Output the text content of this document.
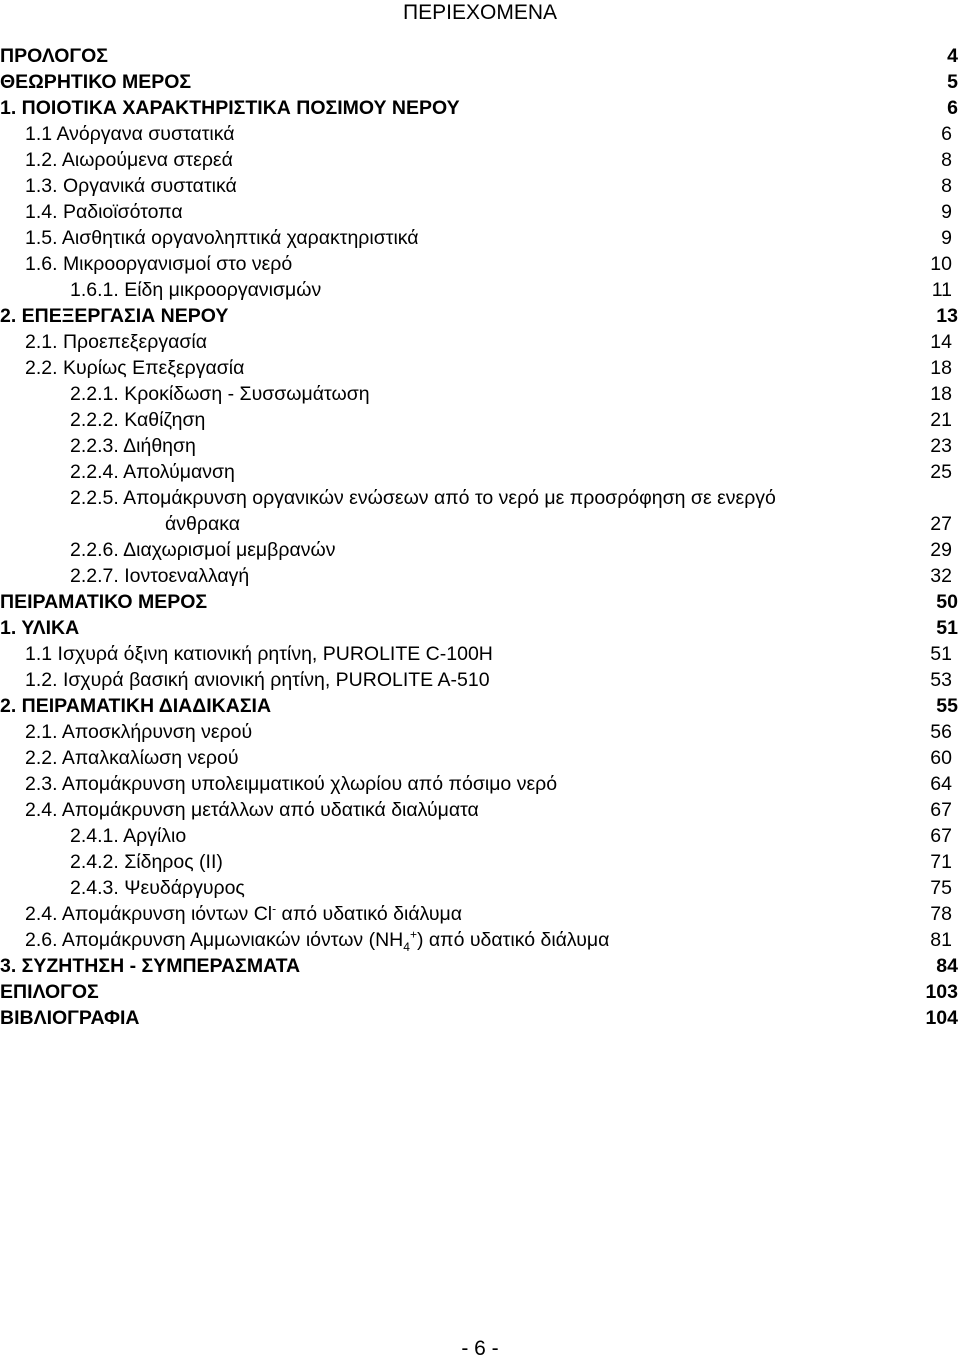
ΠΕΡΙΕΧΟΜΕΝΑ
ΠΡΟΛΟΓΟΣ	4
ΘΕΩΡΗΤΙΚΟ ΜΕΡΟΣ	5
1. ΠΟΙΟΤΙΚΑ ΧΑΡΑΚΤΗΡΙΣΤΙΚΑ ΠΟΣΙΜΟΥ ΝΕΡΟΥ	6
1.1 Ανόργανα συστατικά	6
1.2. Αιωρούμενα στερεά	8
1.3. Οργανικά συστατικά	8
1.4. Ραδιοϊσότοπα	9
1.5. Αισθητικά οργανοληπτικά χαρακτηριστικά	9
1.6. Μικροοργανισμοί στο νερό	10
1.6.1. Είδη μικροοργανισμών	11
2. ΕΠΕΞΕΡΓΑΣΙΑ ΝΕΡΟΥ	13
2.1. Προεπεξεργασία	14
2.2. Κυρίως Επεξεργασία	18
2.2.1. Κροκίδωση - Συσσωμάτωση	18
2.2.2. Καθίζηση	21
2.2.3. Διήθηση	23
2.2.4. Απολύμανση	25
2.2.5. Απομάκρυνση οργανικών ενώσεων από το νερό με προσρόφηση σε ενεργό
άνθρακα	27
2.2.6. Διαχωρισμοί μεμβρανών	29
2.2.7. Ιοντοεναλλαγή	32
ΠΕΙΡΑΜΑΤΙΚΟ ΜΕΡΟΣ	50
1. ΥΛΙΚΑ	51
1.1 Ισχυρά όξινη κατιονική ρητίνη, PUROLITE C-100H	51
1.2. Ισχυρά βασική ανιονική ρητίνη, PUROLITE A-510	53
2. ΠΕΙΡΑΜΑΤΙΚΗ ΔΙΑΔΙΚΑΣΙΑ	55
2.1. Αποσκλήρυνση νερού	56
2.2. Απαλκαλίωση νερού	60
2.3. Απομάκρυνση υπολειμματικού χλωρίου από πόσιμο νερό	64
2.4. Απομάκρυνση μετάλλων από υδατικά διαλύματα	67
2.4.1. Αργίλιο	67
2.4.2. Σίδηρος (ΙΙ)	71
2.4.3. Ψευδάργυρος	75
2.4. Απομάκρυνση ιόντων Cl- από υδατικό διάλυμα	78
2.6. Απομάκρυνση Αμμωνιακών ιόντων $(NH_4^+)$ από υδατικό διάλυμα	81
3. ΣΥΖΗΤΗΣΗ - ΣΥΜΠΕΡΑΣΜΑΤΑ	84
ΕΠΙΛΟΓΟΣ	103
ΒΙΒΛΙΟΓΡΑΦΙΑ	104
- 6 -
